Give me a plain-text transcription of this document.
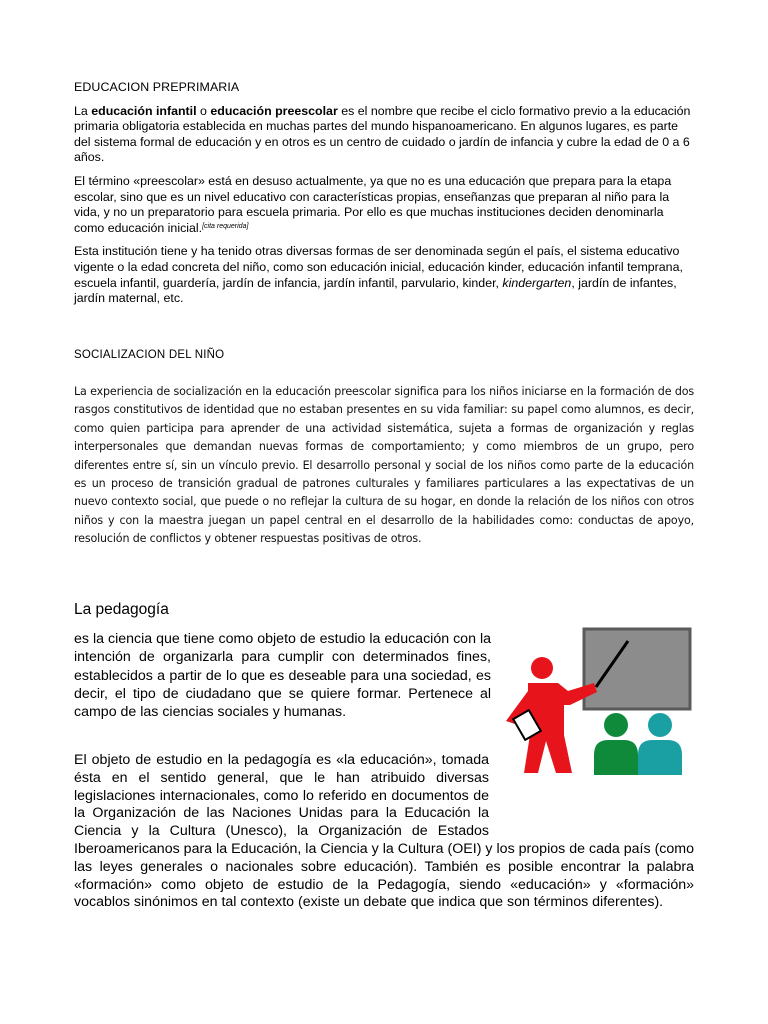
EDUCACION PREPRIMARIA

La educación infantil o educación preescolar es el nombre que recibe el ciclo formativo previo a la educación primaria obligatoria establecida en muchas partes del mundo hispanoamericano. En algunos lugares, es parte del sistema formal de educación y en otros es un centro de cuidado o jardín de infancia y cubre la edad de 0 a 6 años.

El término «preescolar» está en desuso actualmente, ya que no es una educación que prepara para la etapa escolar, sino que es un nivel educativo con características propias, enseñanzas que preparan al niño para la vida, y no un preparatorio para escuela primaria. Por ello es que muchas instituciones deciden denominarla como educación inicial.[cita requerida]

Esta institución tiene y ha tenido otras diversas formas de ser denominada según el país, el sistema educativo vigente o la edad concreta del niño, como son educación inicial, educación kinder, educación infantil temprana, escuela infantil, guardería, jardín de infancia, jardín infantil, parvulario, kinder, kindergarten, jardín de infantes, jardín maternal, etc.

SOCIALIZACION DEL NIÑO

La experiencia de socialización en la educación preescolar significa para los niños iniciarse en la formación de dos rasgos constitutivos de identidad que no estaban presentes en su vida familiar: su papel como alumnos, es decir, como quien participa para aprender de una actividad sistemática, sujeta a formas de organización y reglas interpersonales que demandan nuevas formas de comportamiento; y como miembros de un grupo, pero diferentes entre sí, sin un vínculo previo. El desarrollo personal y social de los niños como parte de la educación es un proceso de transición gradual de patrones culturales y familiares particulares a las expectativas de un nuevo contexto social, que puede o no reflejar la cultura de su hogar, en donde la relación de los niños con otros niños y con la maestra juegan un papel central en el desarrollo de la habilidades como: conductas de apoyo, resolución de conflictos y obtener respuestas positivas de otros.

La pedagogía

es la ciencia que tiene como objeto de estudio la educación con la intención de organizarla para cumplir con determinados fines, establecidos a partir de lo que es deseable para una sociedad, es decir, el tipo de ciudadano que se quiere formar. Pertenece al campo de las ciencias sociales y humanas.

El objeto de estudio en la pedagogía es «la educación», tomada ésta en el sentido general, que le han atribuido diversas legislaciones internacionales, como lo referido en documentos de la Organización de las Naciones Unidas para la Educación la Ciencia y la Cultura (Unesco), la Organización de Estados Iberoamericanos para la Educación, la Ciencia y la Cultura (OEI) y los propios de cada país (como las leyes generales o nacionales sobre educación). También es posible encontrar la palabra «formación» como objeto de estudio de la Pedagogía, siendo «educación» y «formación» vocablos sinónimos en tal contexto (existe un debate que indica que son términos diferentes).
